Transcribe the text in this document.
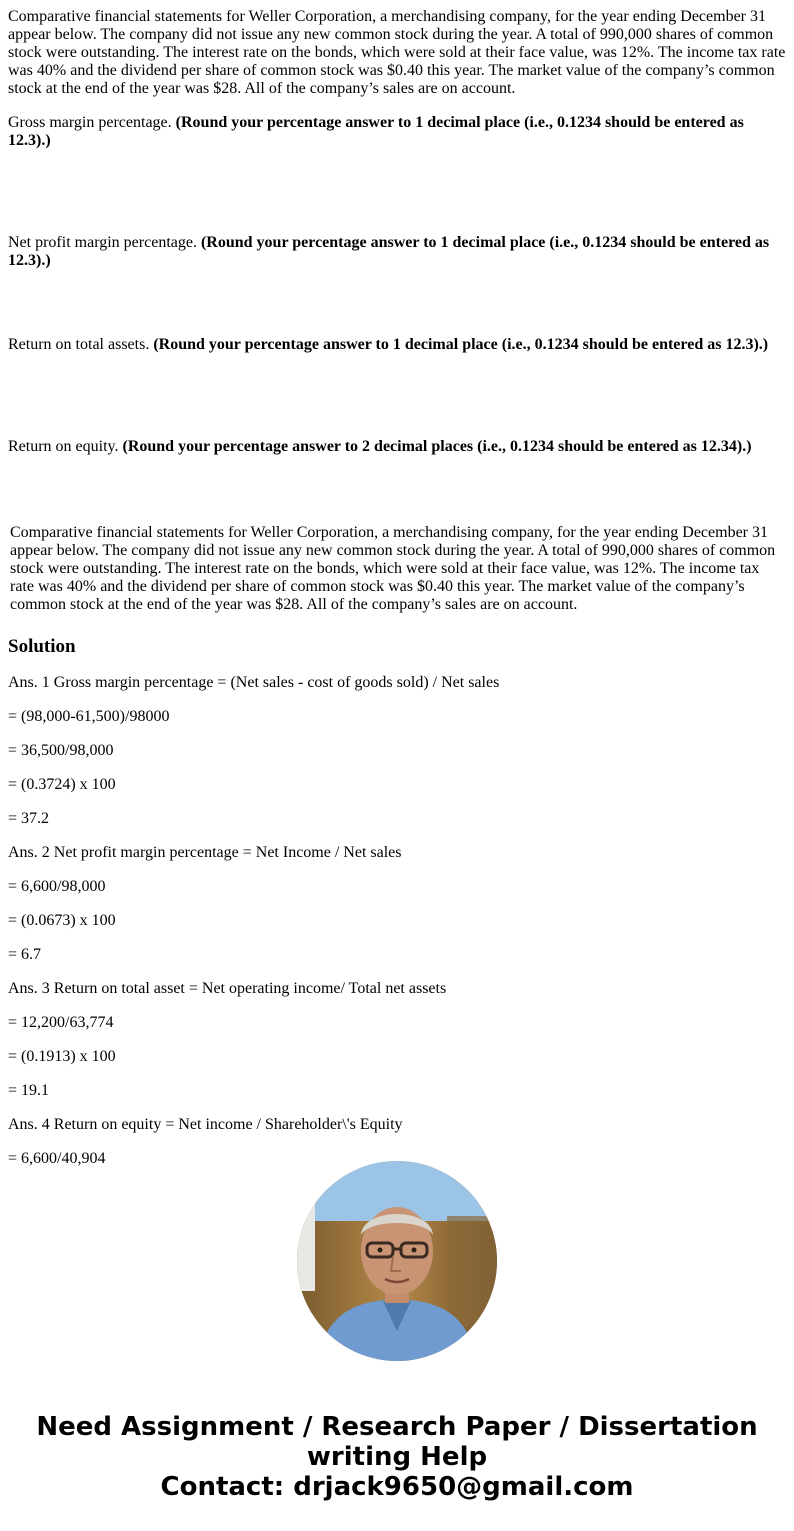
Comparative financial statements for Weller Corporation, a merchandising company, for the year ending December 31 appear below. The company did not issue any new common stock during the year. A total of 990,000 shares of common stock were outstanding. The interest rate on the bonds, which were sold at their face value, was 12%. The income tax rate was 40% and the dividend per share of common stock was $0.40 this year. The market value of the company’s common stock at the end of the year was $28. All of the company’s sales are on account.

Gross margin percentage. (Round your percentage answer to 1 decimal place (i.e., 0.1234 should be entered as 12.3).)
Net profit margin percentage. (Round your percentage answer to 1 decimal place (i.e., 0.1234 should be entered as 12.3).)
Return on total assets. (Round your percentage answer to 1 decimal place (i.e., 0.1234 should be entered as 12.3).)
Return on equity. (Round your percentage answer to 2 decimal places (i.e., 0.1234 should be entered as 12.34).)

Comparative financial statements for Weller Corporation, a merchandising company, for the year ending December 31 appear below. The company did not issue any new common stock during the year. A total of 990,000 shares of common stock were outstanding. The interest rate on the bonds, which were sold at their face value, was 12%. The income tax rate was 40% and the dividend per share of common stock was $0.40 this year. The market value of the company’s common stock at the end of the year was $28. All of the company’s sales are on account.

Solution

Ans. 1 Gross margin percentage = (Net sales - cost of goods sold) / Net sales

= (98,000-61,500)/98000

= 36,500/98,000

= (0.3724) x 100

= 37.2

Ans. 2 Net profit margin percentage = Net Income / Net sales

= 6,600/98,000

= (0.0673) x 100

= 6.7

Ans. 3 Return on total asset = Net operating income/ Total net assets

= 12,200/63,774

= (0.1913) x 100

= 19.1

Ans. 4 Return on equity = Net income / Shareholder\'s Equity

= 6,600/40,904

Need Assignment / Research Paper / Dissertation
writing Help
Contact: drjack9650@gmail.com
